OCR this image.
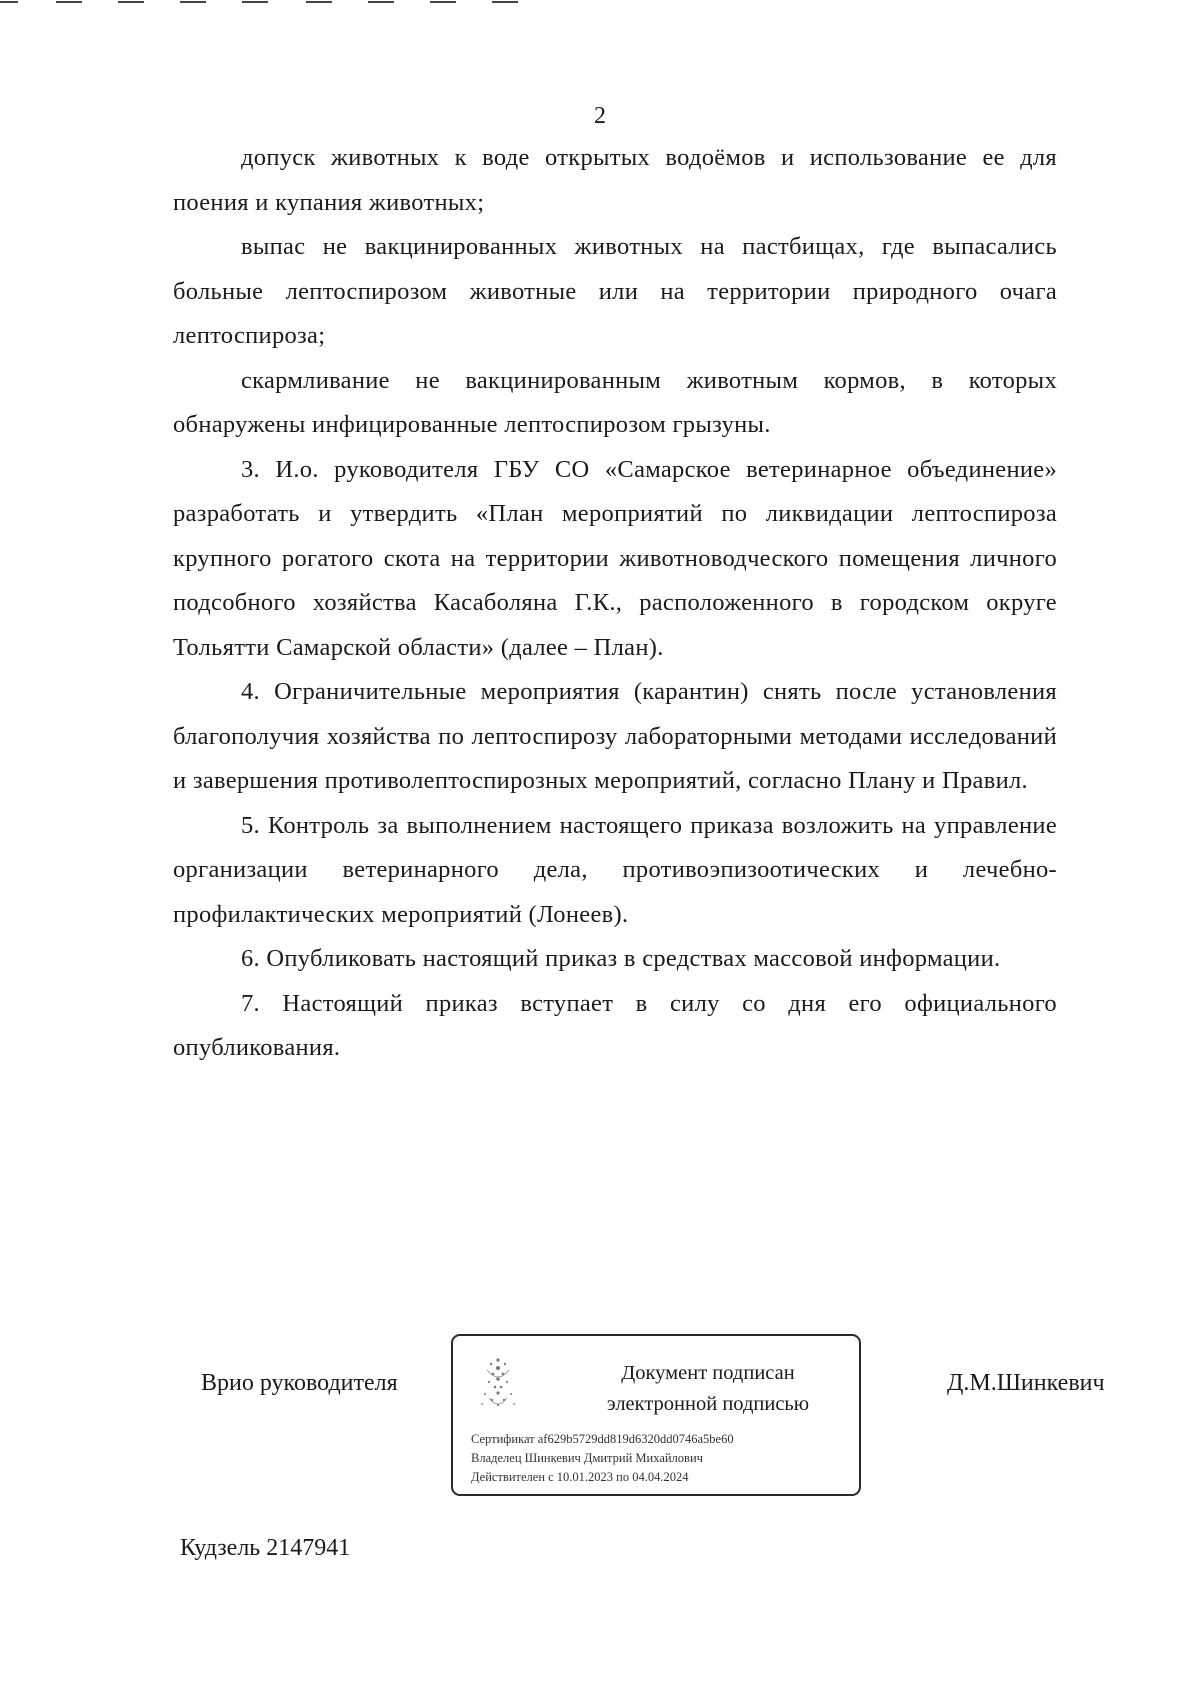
2

допуск животных к воде открытых водоёмов и использование ее для поения и купания животных;

выпас не вакцинированных животных на пастбищах, где выпасались больные лептоспирозом животные или на территории природного очага лептоспироза;

скармливание не вакцинированным животным кормов, в которых обнаружены инфицированные лептоспирозом грызуны.

3. И.о. руководителя ГБУ СО «Самарское ветеринарное объединение» разработать и утвердить «План мероприятий по ликвидации лептоспироза крупного рогатого скота на территории животноводческого помещения личного подсобного хозяйства Касаболяна Г.К., расположенного в городском округе Тольятти Самарской области» (далее – План).

4. Ограничительные мероприятия (карантин) снять после установления благополучия хозяйства по лептоспирозу лабораторными методами исследований и завершения противолептоспирозных мероприятий, согласно Плану и Правил.

5. Контроль за выполнением настоящего приказа возложить на управление организации ветеринарного дела, противоэпизоотических и лечебно-профилактических мероприятий (Лонеев).

6. Опубликовать настоящий приказ в средствах массовой информации.

7. Настоящий приказ вступает в силу со дня его официального опубликования.

Врио руководителя	Документ подписан
электронной подписью
Сертификат af629b5729dd819d6320dd0746a5be60
Владелец Шинкевич Дмитрий Михайлович
Действителен с 10.01.2023 по 04.04.2024
Д.М.Шинкевич
Кудзель 2147941
